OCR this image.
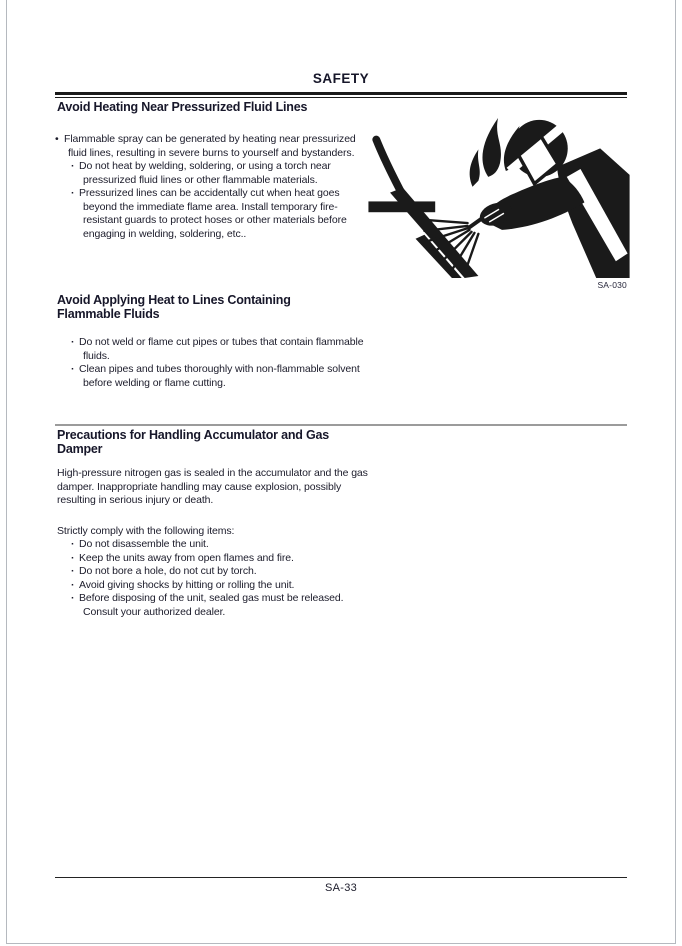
SAFETY
Avoid Heating Near Pressurized Fluid Lines
• Flammable spray can be generated by heating near pressurized fluid lines, resulting in severe burns to yourself and bystanders.
· Do not heat by welding, soldering, or using a torch near pressurized fluid lines or other flammable materials.
· Pressurized lines can be accidentally cut when heat goes beyond the immediate flame area. Install temporary fire-resistant guards to protect hoses or other materials before engaging in welding, soldering, etc..
SA-030
Avoid Applying Heat to Lines Containing Flammable Fluids
· Do not weld or flame cut pipes or tubes that contain flammable fluids.
· Clean pipes and tubes thoroughly with non-flammable solvent before welding or flame cutting.
Precautions for Handling Accumulator and Gas Damper
High-pressure nitrogen gas is sealed in the accumulator and the gas damper. Inappropriate handling may cause explosion, possibly resulting in serious injury or death.
Strictly comply with the following items:
· Do not disassemble the unit.
· Keep the units away from open flames and fire.
· Do not bore a hole, do not cut by torch.
· Avoid giving shocks by hitting or rolling the unit.
· Before disposing of the unit, sealed gas must be released. Consult your authorized dealer.
SA-33
